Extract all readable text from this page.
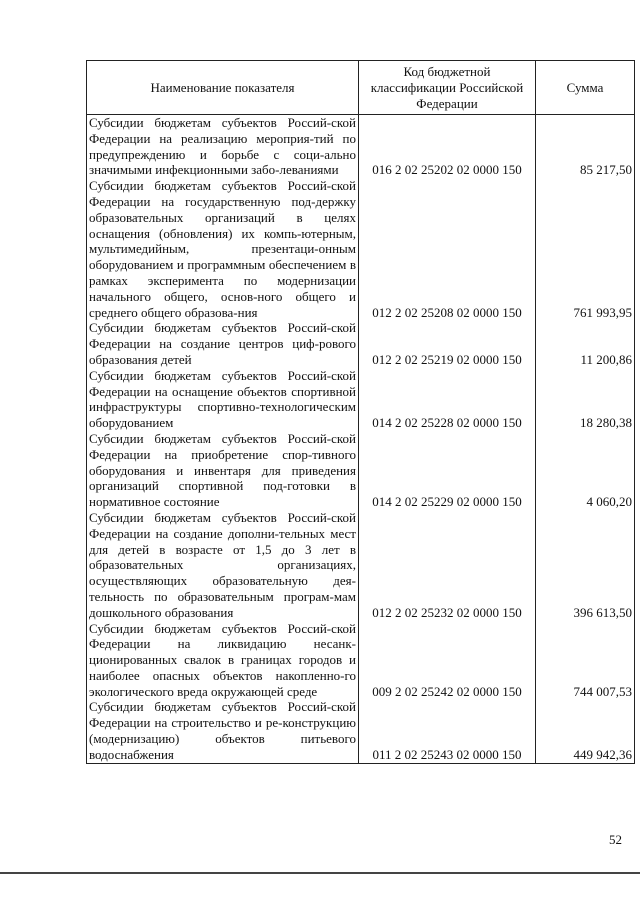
Наименование показателя	Код бюджетной классификации Российской Федерации	Сумма
Субсидии бюджетам субъектов Россий-ской Федерации на реализацию мероприя-тий по предупреждению и борьбе с соци-ально значимыми инфекционными забо-леваниями	016 2 02 25202 02 0000 150	85 217,50
Субсидии бюджетам субъектов Россий-ской Федерации на государственную под-держку образовательных организаций в целях оснащения (обновления) их компь-ютерным, мультимедийным, презентаци-онным оборудованием и программным обеспечением в рамках эксперимента по модернизации начального общего, основ-ного общего и среднего общего образова-ния	012 2 02 25208 02 0000 150	761 993,95
Субсидии бюджетам субъектов Россий-ской Федерации на создание центров циф-рового образования детей	012 2 02 25219 02 0000 150	11 200,86
Субсидии бюджетам субъектов Россий-ской Федерации на оснащение объектов спортивной инфраструктуры спортивно-технологическим оборудованием	014 2 02 25228 02 0000 150	18 280,38
Субсидии бюджетам субъектов Россий-ской Федерации на приобретение спор-тивного оборудования и инвентаря для приведения организаций спортивной под-готовки в нормативное состояние	014 2 02 25229 02 0000 150	4 060,20
Субсидии бюджетам субъектов Россий-ской Федерации на создание дополни-тельных мест для детей в возрасте от 1,5 до 3 лет в образовательных организациях, осуществляющих образовательную дея-тельность по образовательным програм-мам дошкольного образования	012 2 02 25232 02 0000 150	396 613,50
Субсидии бюджетам субъектов Россий-ской Федерации на ликвидацию несанк-ционированных свалок в границах городов и наиболее опасных объектов накопленно-го экологического вреда окружающей среде	009 2 02 25242 02 0000 150	744 007,53
Субсидии бюджетам субъектов Россий-ской Федерации на строительство и ре-конструкцию (модернизацию) объектов питьевого водоснабжения	011 2 02 25243 02 0000 150	449 942,36
52
